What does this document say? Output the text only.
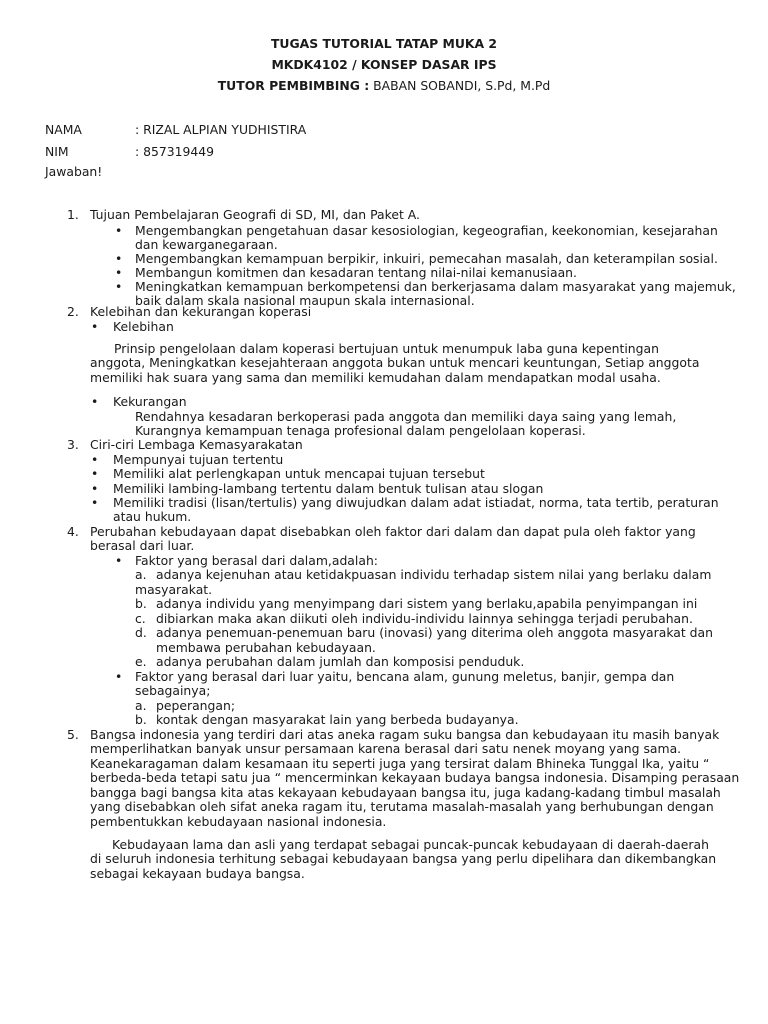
TUGAS TUTORIAL TATAP MUKA 2
MKDK4102 / KONSEP DASAR IPS
TUTOR PEMBIMBING : BABAN SOBANDI, S.Pd, M.Pd
NAMA	: RIZAL ALPIAN YUDHISTIRA
NIM	: 857319449
Jawaban!
1. Tujuan Pembelajaran Geografi di SD, MI, dan Paket A.
• Mengembangkan pengetahuan dasar kesosiologian, kegeografian, keekonomian, kesejarahan
dan kewarganegaraan.
• Mengembangkan kemampuan berpikir, inkuiri, pemecahan masalah, dan keterampilan sosial.
• Membangun komitmen dan kesadaran tentang nilai-nilai kemanusiaan.
• Meningkatkan kemampuan berkompetensi dan berkerjasama dalam masyarakat yang majemuk,
baik dalam skala nasional maupun skala internasional.
2. Kelebihan dan kekurangan koperasi
• Kelebihan
Prinsip pengelolaan dalam koperasi bertujuan untuk menumpuk laba guna kepentingan
anggota, Meningkatkan kesejahteraan anggota bukan untuk mencari keuntungan, Setiap anggota
memiliki hak suara yang sama dan memiliki kemudahan dalam mendapatkan modal usaha.
• Kekurangan
Rendahnya kesadaran berkoperasi pada anggota dan memiliki daya saing yang lemah,
Kurangnya kemampuan tenaga profesional dalam pengelolaan koperasi.
3. Ciri-ciri Lembaga Kemasyarakatan
• Mempunyai tujuan tertentu
• Memiliki alat perlengkapan untuk mencapai tujuan tersebut
• Memiliki lambing-lambang tertentu dalam bentuk tulisan atau slogan
• Memiliki tradisi (lisan/tertulis) yang diwujudkan dalam adat istiadat, norma, tata tertib, peraturan
atau hukum.
4. Perubahan kebudayaan dapat disebabkan oleh faktor dari dalam dan dapat pula oleh faktor yang
berasal dari luar.
• Faktor yang berasal dari dalam,adalah:
a. adanya kejenuhan atau ketidakpuasan individu terhadap sistem nilai yang berlaku dalam
masyarakat.
b. adanya individu yang menyimpang dari sistem yang berlaku,apabila penyimpangan ini
c. dibiarkan maka akan diikuti oleh individu-individu lainnya sehingga terjadi perubahan.
d. adanya penemuan-penemuan baru (inovasi) yang diterima oleh anggota masyarakat dan
membawa perubahan kebudayaan.
e. adanya perubahan dalam jumlah dan komposisi penduduk.
• Faktor yang berasal dari luar yaitu, bencana alam, gunung meletus, banjir, gempa dan
sebagainya;
a. peperangan;
b. kontak dengan masyarakat lain yang berbeda budayanya.
5. Bangsa indonesia yang terdiri dari atas aneka ragam suku bangsa dan kebudayaan itu masih banyak
memperlihatkan banyak unsur persamaan karena berasal dari satu nenek moyang yang sama.
Keanekaragaman dalam kesamaan itu seperti juga yang tersirat dalam Bhineka Tunggal Ika, yaitu “
berbeda-beda tetapi satu jua “ mencerminkan kekayaan budaya bangsa indonesia. Disamping perasaan
bangga bagi bangsa kita atas kekayaan kebudayaan bangsa itu, juga kadang-kadang timbul masalah
yang disebabkan oleh sifat aneka ragam itu, terutama masalah-masalah yang berhubungan dengan
pembentukkan kebudayaan nasional indonesia.
Kebudayaan lama dan asli yang terdapat sebagai puncak-puncak kebudayaan di daerah-daerah
di seluruh indonesia terhitung sebagai kebudayaan bangsa yang perlu dipelihara dan dikembangkan
sebagai kekayaan budaya bangsa.
